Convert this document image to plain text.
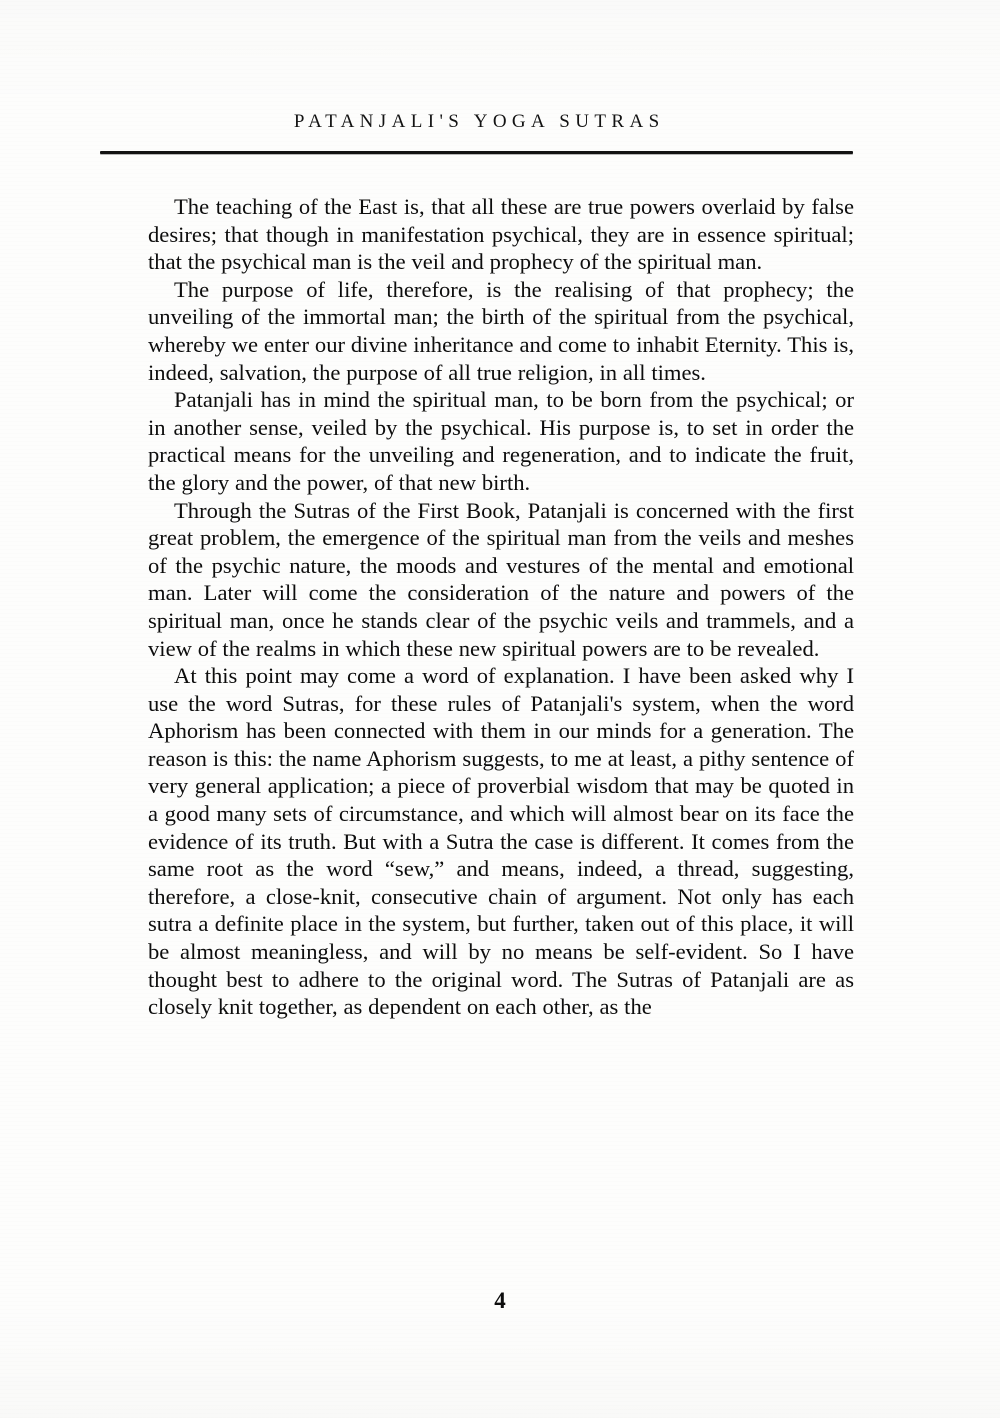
PATANJALI'S YOGA SUTRAS

The teaching of the East is, that all these are true powers overlaid by false desires; that though in manifestation psychical, they are in essence spiritual; that the psychical man is the veil and prophecy of the spiritual man.

The purpose of life, therefore, is the realising of that prophecy; the unveiling of the immortal man; the birth of the spiritual from the psychical, whereby we enter our divine inheritance and come to inhabit Eternity. This is, indeed, salvation, the purpose of all true religion, in all times.

Patanjali has in mind the spiritual man, to be born from the psychical; or in another sense, veiled by the psychical. His purpose is, to set in order the practical means for the unveiling and regeneration, and to indicate the fruit, the glory and the power, of that new birth.

Through the Sutras of the First Book, Patanjali is concerned with the first great problem, the emergence of the spiritual man from the veils and meshes of the psychic nature, the moods and vestures of the mental and emotional man. Later will come the consideration of the nature and powers of the spiritual man, once he stands clear of the psychic veils and trammels, and a view of the realms in which these new spiritual powers are to be revealed.

At this point may come a word of explanation. I have been asked why I use the word Sutras, for these rules of Patanjali's system, when the word Aphorism has been connected with them in our minds for a generation. The reason is this: the name Aphorism suggests, to me at least, a pithy sentence of very general application; a piece of proverbial wisdom that may be quoted in a good many sets of circumstance, and which will almost bear on its face the evidence of its truth. But with a Sutra the case is different. It comes from the same root as the word “sew,” and means, indeed, a thread, suggesting, therefore, a close-knit, consecutive chain of argument. Not only has each sutra a definite place in the system, but further, taken out of this place, it will be almost meaningless, and will by no means be self-evident. So I have thought best to adhere to the original word. The Sutras of Patanjali are as closely knit together, as dependent on each other, as the

4
